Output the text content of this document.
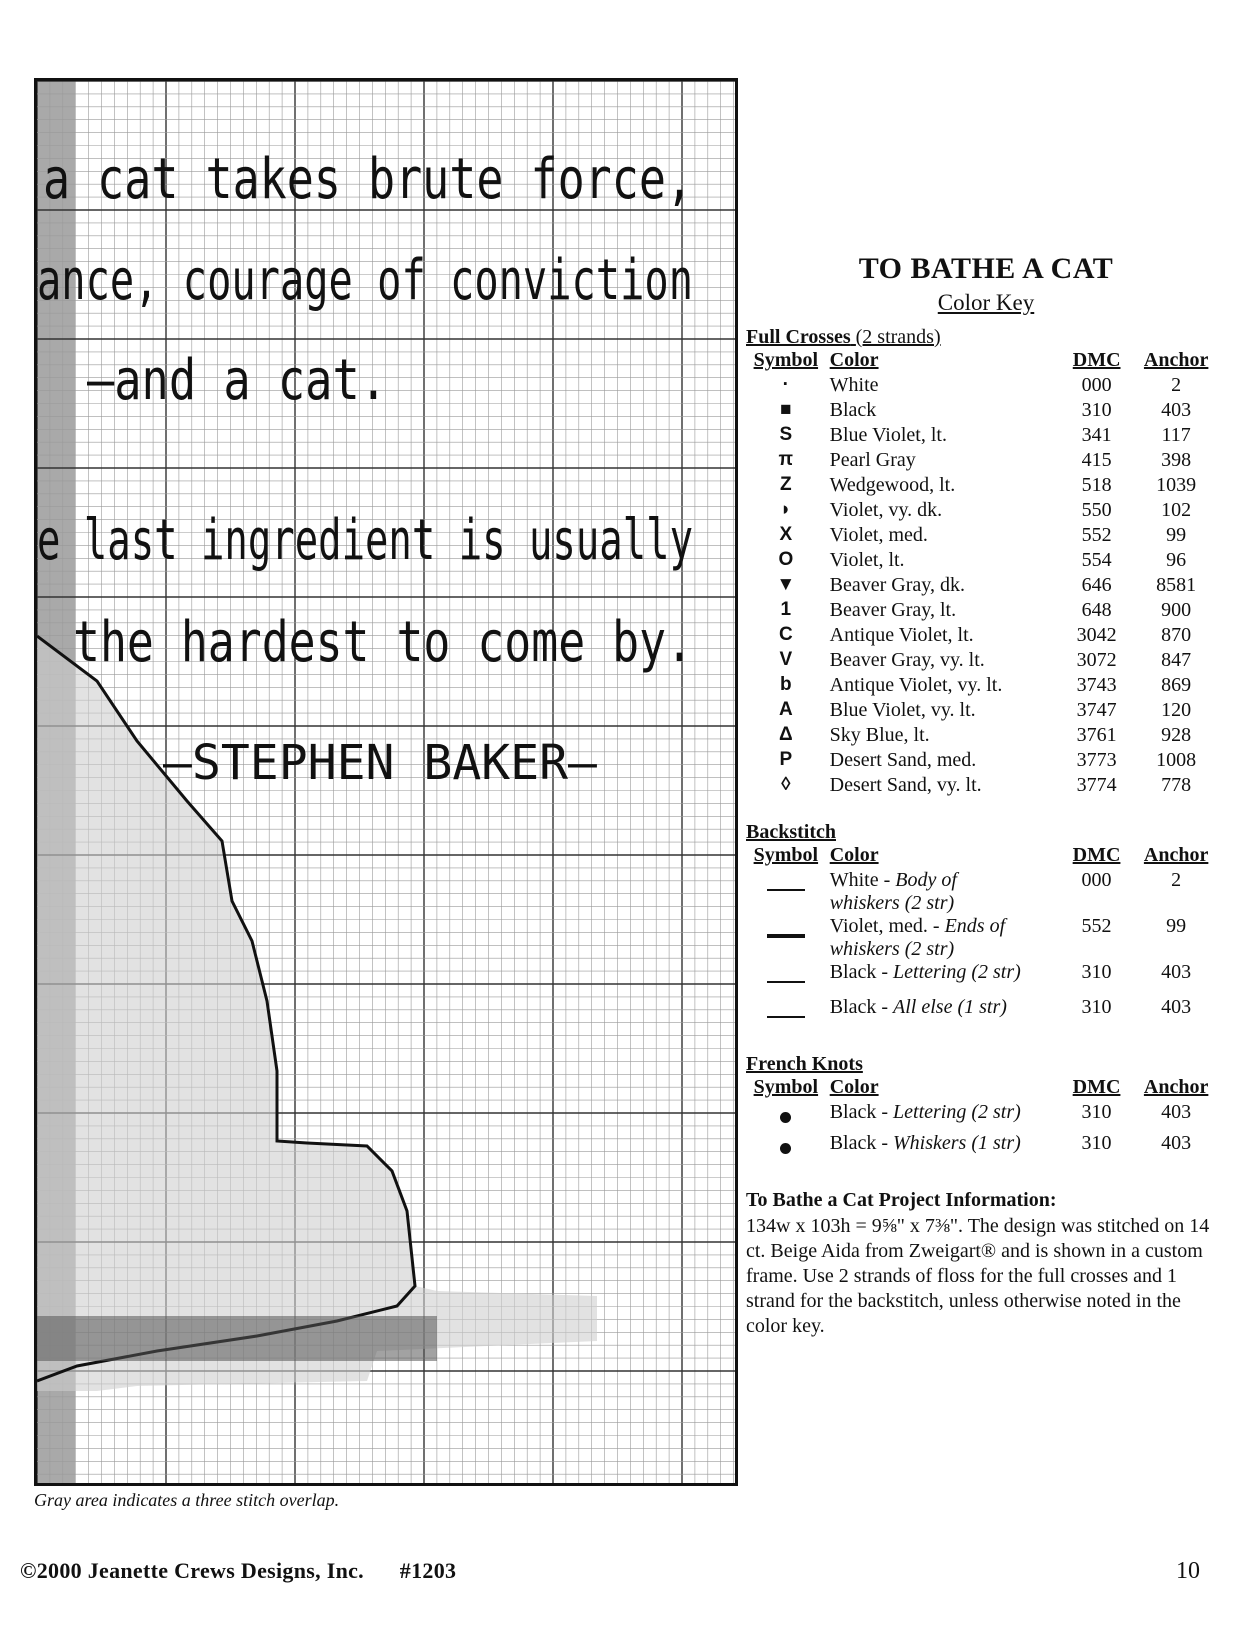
a cat takes brute force,
ance, courage of conviction
—and a cat.
e last ingredient is usually
the hardest to come by.
—STEPHEN BAKER—
Gray area indicates a three stitch overlap.
TO BATHE A CAT
Color Key
Full Crosses (2 strands)
Symbol	Color	DMC	Anchor
·	White	000	2
■	Black	310	403
S	Blue Violet, lt.	341	117
π	Pearl Gray	415	398
Z	Wedgewood, lt.	518	1039
◗	Violet, vy. dk.	550	102
X	Violet, med.	552	99
O	Violet, lt.	554	96
▼	Beaver Gray, dk.	646	8581
1	Beaver Gray, lt.	648	900
C	Antique Violet, lt.	3042	870
V	Beaver Gray, vy. lt.	3072	847
b	Antique Violet, vy. lt.	3743	869
A	Blue Violet, vy. lt.	3747	120
Δ	Sky Blue, lt.	3761	928
P	Desert Sand, med.	3773	1008
◊	Desert Sand, vy. lt.	3774	778
Backstitch
Symbol	Color	DMC	Anchor
	White - Body of
whiskers (2 str)	000	2
	Violet, med. - Ends of
whiskers (2 str)	552	99
	Black - Lettering (2 str)	310	403
	Black - All else (1 str)	310	403
French Knots
Symbol	Color	DMC	Anchor
	Black - Lettering (2 str)	310	403
	Black - Whiskers (1 str)	310	403
To Bathe a Cat Project Information:
134w x 103h = 9⅝" x 7⅜". The design was stitched on 14 ct. Beige Aida from Zweigart® and is shown in a custom frame. Use 2 strands of floss for the full crosses and 1 strand for the backstitch, unless otherwise noted in the color key.
©2000 Jeanette Crews Designs, Inc. #1203	10
